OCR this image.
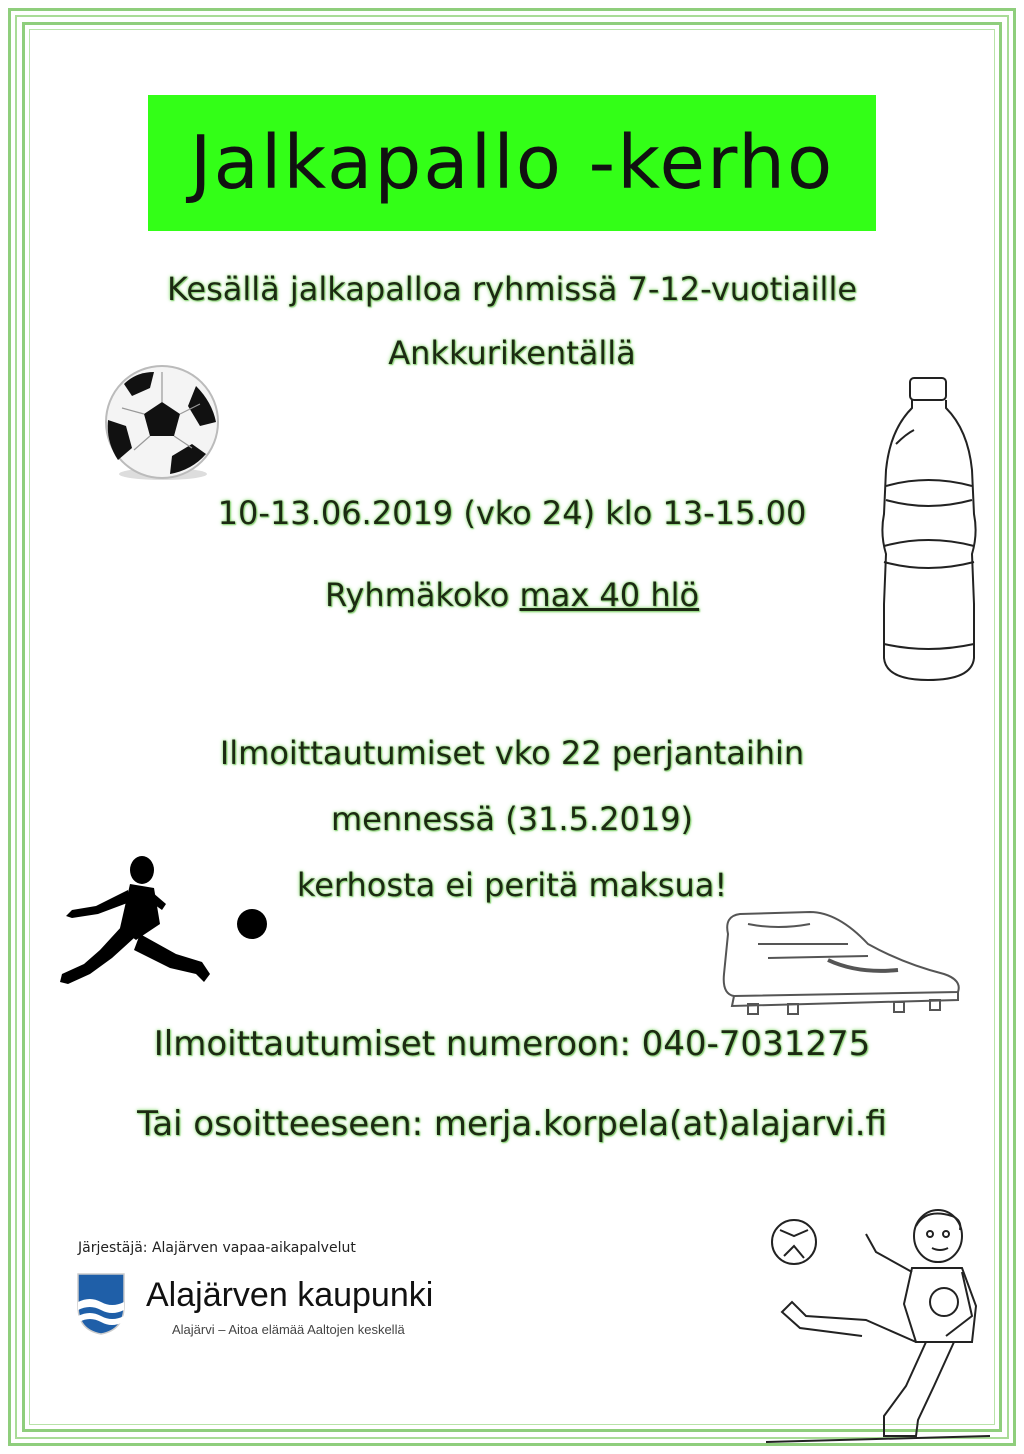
Jalkapallo -kerho
Kesällä jalkapalloa ryhmissä 7-12-vuotiaille
Ankkurikentällä
10-13.06.2019 (vko 24) klo 13-15.00
Ryhmäkoko max 40 hlö
Ilmoittautumiset vko 22 perjantaihin
mennessä (31.5.2019)
kerhosta ei peritä maksua!
Ilmoittautumiset numeroon: 040-7031275
Tai osoitteeseen: merja.korpela(at)alajarvi.fi
Järjestäjä: Alajärven vapaa-aikapalvelut
Alajärven kaupunki
Alajärvi – Aitoa elämää Aaltojen keskellä
